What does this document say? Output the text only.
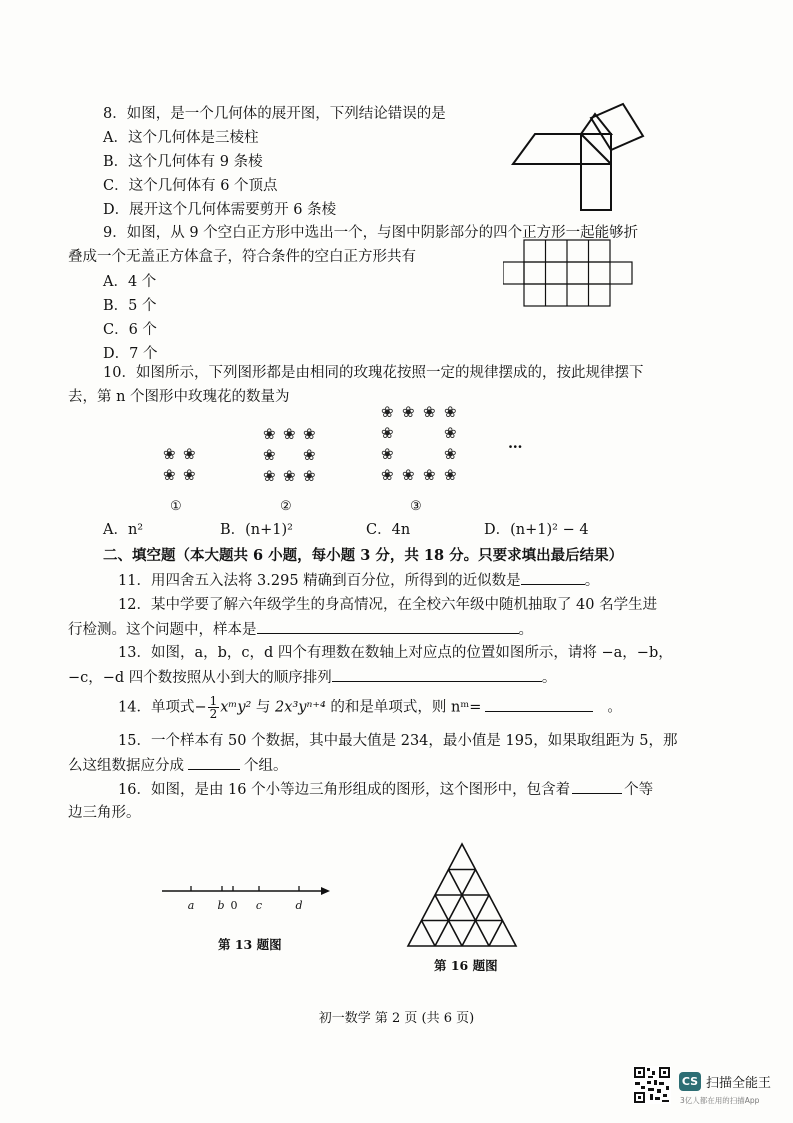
8．如图，是一个几何体的展开图，下列结论错误的是
A．这个几何体是三棱柱
B．这个几何体有 9 条棱
C．这个几何体有 6 个顶点
D．展开这个几何体需要剪开 6 条棱
9．如图，从 9 个空白正方形中选出一个，与图中阴影部分的四个正方形一起能够折
叠成一个无盖正方体盒子，符合条件的空白正方形共有
A．4 个
B．5 个
C．6 个
D．7 个
10．如图所示，下列图形都是由相同的玫瑰花按照一定的规律摆成的，按此规律摆下
去，第 n 个图形中玫瑰花的数量为
❀ ❀
❀ ❀
①
❀ ❀ ❀
❀ ❀
❀ ❀ ❀
②
❀ ❀ ❀ ❀
❀	❀
❀	❀
❀ ❀ ❀ ❀
③
…
A．n²	B．(n+1)²	C．4n	D．(n+1)² − 4
二、填空题（本大题共 6 小题，每小题 3 分，共 18 分。只要求填出最后结果）
11．用四舍五入法将 3.295 精确到百分位，所得到的近似数是	。
12．某中学要了解六年级学生的身高情况，在全校六年级中随机抽取了 40 名学生进
行检测。这个问题中，样本是	。
13．如图，a，b，c，d 四个有理数在数轴上对应点的位置如图所示，请将 −a，−b，
−c，−d 四个数按照从小到大的顺序排列	。
14．单项式− $\frac{1}{2}$ xᵐy² 与 2x³yⁿ⁺⁴ 的和是单项式，则 nᵐ=	。
15．一个样本有 50 个数据，其中最大值是 234，最小值是 195，如果取组距为 5，那
么这组数据应分成	个组。
16．如图，是由 16 个小等边三角形组成的图形，这个图形中，包含着	个等
边三角形。
a b 0 c	d
第 13 题图
第 16 题图
初一数学 第 2 页 (共 6 页)
CS 扫描全能王
3亿人都在用的扫描App
